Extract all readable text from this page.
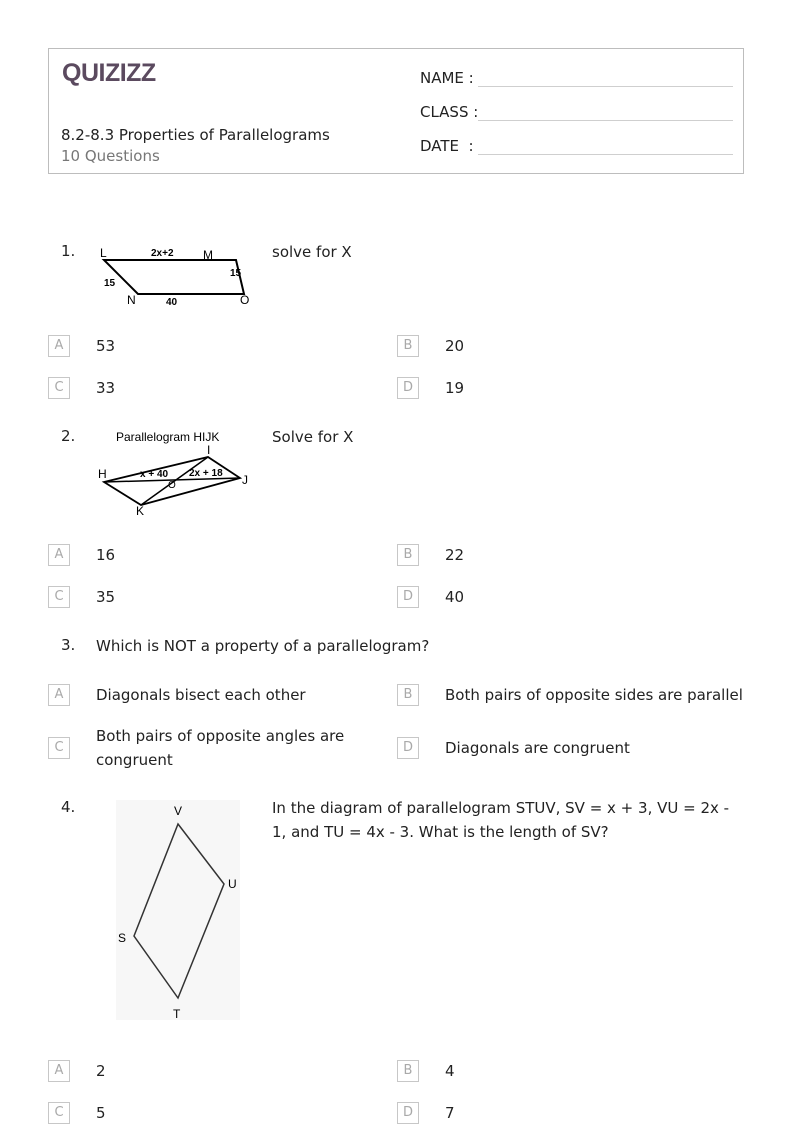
QUIZIZZ
8.2-8.3 Properties of Parallelograms
10 Questions
NAME :
CLASS :
DATE  :
1. L	M
N	O
2x+2
15
15
40
solve for X
A	53	B	20
C	33	D	19
2.	Parallelogram HIJK
H
I
J
K
O
x + 40 2x + 18
Solve for X
A	16	B	22
C	35	D	40
3. Which is NOT a property of a parallelogram?
A	Diagonals bisect each other	B	Both pairs of opposite sides are parallel
C
Both pairs of opposite angles are congruent
D	Diagonals are congruent
4.	V
U
S
T
In the diagram of parallelogram STUV, SV = x + 3, VU = 2x - 1, and TU = 4x - 3. What is the length of SV?
A	2	B	4
C	5	D	7
